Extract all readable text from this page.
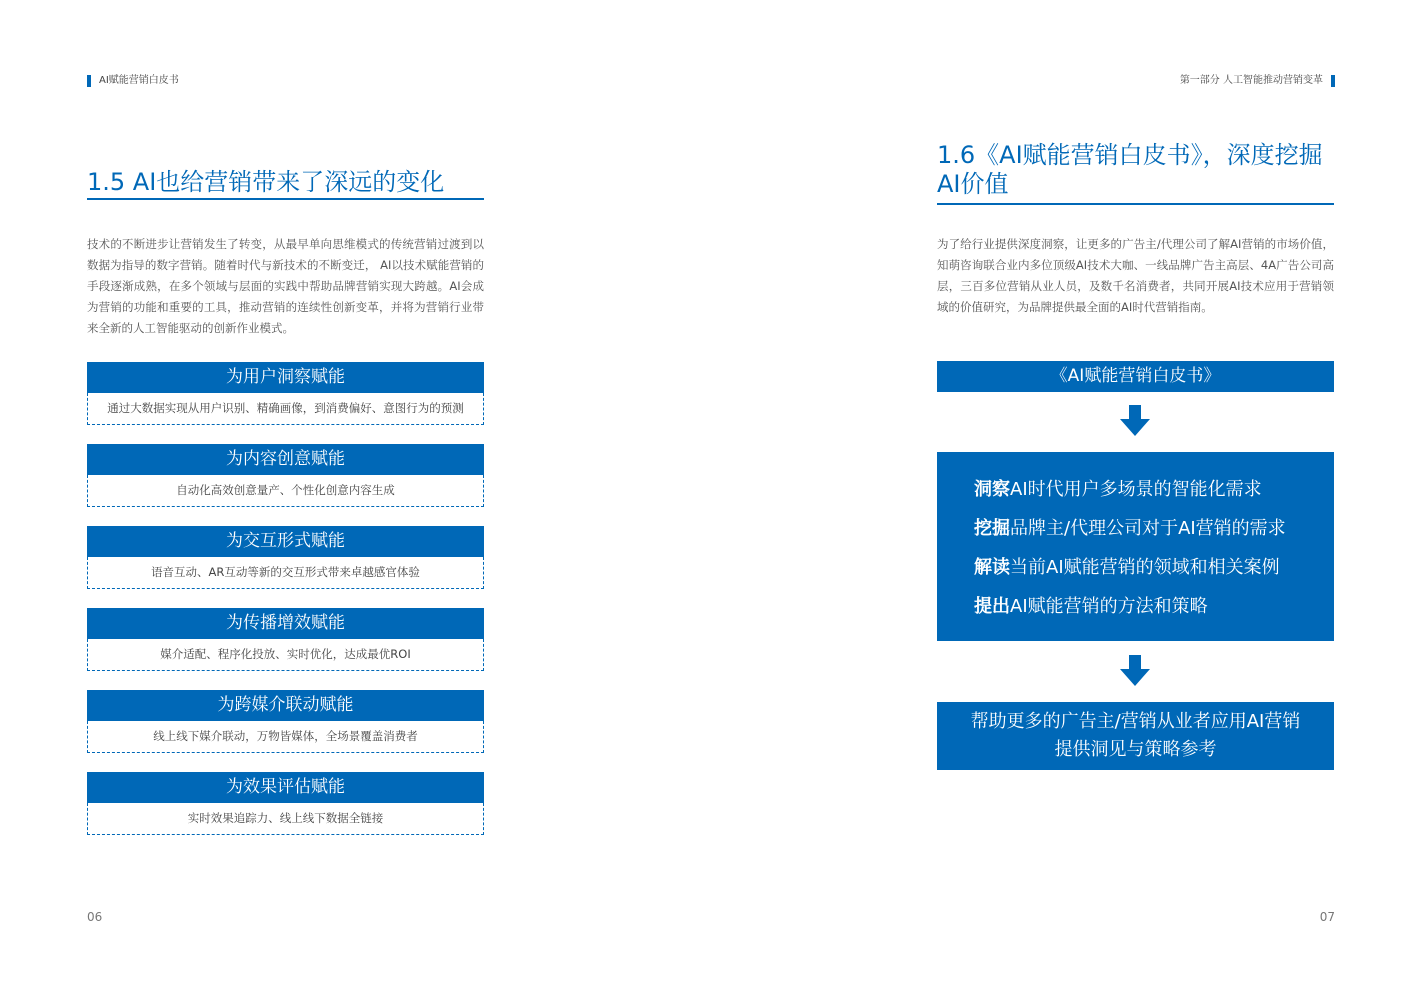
AI赋能营销白皮书	第一部分 人工智能推动营销变革
1.5 AI也给营销带来了深远的变化

技术的不断进步让营销发生了转变，从最早单向思维模式的传统营销过渡到以数据为指导的数字营销。随着时代与新技术的不断变迁， AI以技术赋能营销的手段逐渐成熟，在多个领域与层面的实践中帮助品牌营销实现大跨越。AI会成为营销的功能和重要的工具，推动营销的连续性创新变革，并将为营销行业带来全新的人工智能驱动的创新作业模式。

为用户洞察赋能
通过大数据实现从用户识别、精确画像，到消费偏好、意图行为的预测
为内容创意赋能
自动化高效创意量产、个性化创意内容生成
为交互形式赋能
语音互动、AR互动等新的交互形式带来卓越感官体验
为传播增效赋能
媒介适配、程序化投放、实时优化，达成最优ROI
为跨媒介联动赋能
线上线下媒介联动，万物皆媒体，全场景覆盖消费者
为效果评估赋能
实时效果追踪力、线上线下数据全链接
06
1.6《AI赋能营销白皮书》，深度挖掘
AI价值

为了给行业提供深度洞察，让更多的广告主/代理公司了解AI营销的市场价值，知萌咨询联合业内多位顶级AI技术大咖、一线品牌广告主高层、4A广告公司高层，三百多位营销从业人员，及数千名消费者，共同开展AI技术应用于营销领域的价值研究，为品牌提供最全面的AI时代营销指南。

《AI赋能营销白皮书》
洞察AI时代用户多场景的智能化需求
挖掘品牌主/代理公司对于AI营销的需求
解读当前AI赋能营销的领域和相关案例
提出AI赋能营销的方法和策略
帮助更多的广告主/营销从业者应用AI营销
提供洞见与策略参考
07
